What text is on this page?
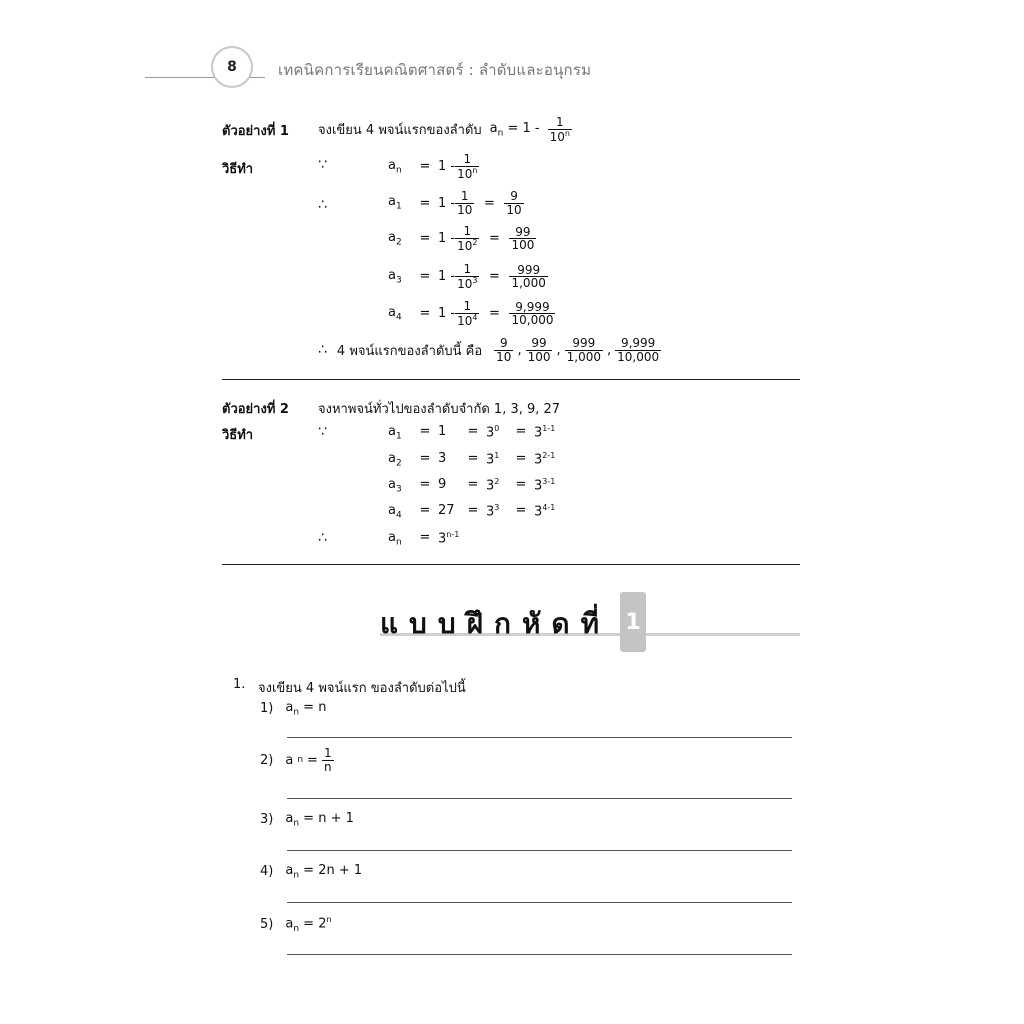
8	เทคนิคการเรียนคณิตศาสตร์ : ลำดับและอนุกรม
ตัวอย่างที่ 1 จงเขียน 4 พจน์แรกของลำดับ $a_n = 1 - \frac{1}{10^n}$
วิธีทำ	∵	$a_n$	= $1 - \frac{1}{10^n}$
∴	$a_1$	= $1 - \frac{1}{10} = \frac{9}{10}$
$a_2$	= $1 - \frac{1}{10^2} = \frac{99}{100}$
$a_3$	= $1 - \frac{1}{10^3} = \frac{999}{1,000}$
$a_4$	= $1 - \frac{1}{10^4} = \frac{9,999}{10,000}$
∴ 4 พจน์แรกของลำดับนี้ คือ $\frac{9}{10}$ , $\frac{99}{100}$ , $\frac{999}{1,000}$ , $\frac{9,999}{10,000}$
ตัวอย่างที่ 2 จงหาพจน์ทั่วไปของลำดับจำกัด 1, 3, 9, 27
วิธีทำ	∵	$a_1$	= 1	= $3^0$	= $3^{1-1}$
$a_2$	= 3	= $3^1$	= $3^{2-1}$
$a_3$	= 9	= $3^2$	= $3^{3-1}$
$a_4$	= 27	= $3^3$	= $3^{4-1}$
∴	$a_n$	= $3^{n-1}$
แบบฝึกหัดที่ 1
1. จงเขียน 4 พจน์แรก ของลำดับต่อไปนี้
1) $a_n = n$
2) a $n = \frac{1}{n}$
3) $a_n = n + 1$
4) $a_n = 2n + 1$
5) $a_n = 2^n$
